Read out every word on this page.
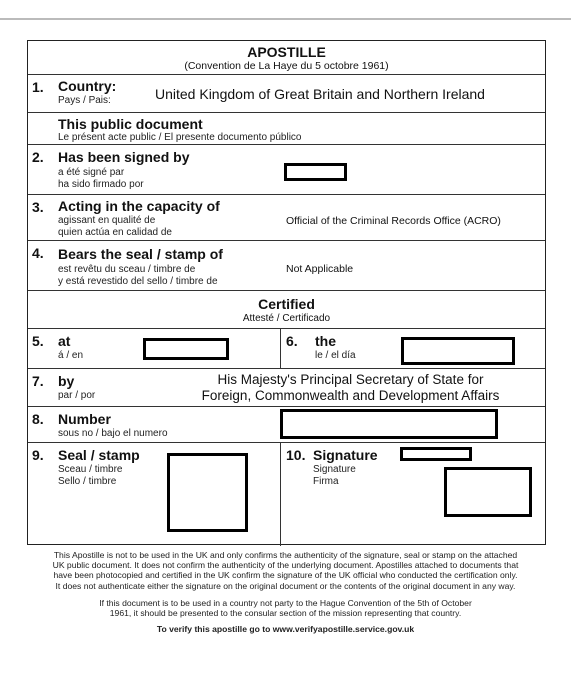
APOSTILLE
(Convention de La Haye du 5 octobre 1961)
1. Country:
Pays / Pais:	United Kingdom of Great Britain and Northern Ireland
This public document
Le présent acte public / El presente documento público
2. Has been signed by
a été signé par
ha sido firmado por
3. Acting in the capacity of
agissant en qualité de
quien actúa en calidad de
Official of the Criminal Records Office (ACRO)
4. Bears the seal / stamp of
est revêtu du sceau / timbre de
y está revestido del sello / timbre de
Not Applicable
Certified
Attesté / Certificado
5. at
á / en
6. the
le / el día
7. by
par / por
His Majesty's Principal Secretary of State for
Foreign, Commonwealth and Development Affairs
8. Number
sous no / bajo el numero
9. Seal / stamp
Sceau / timbre
Sello / timbre
10. Signature
Signature
Firma
This Apostille is not to be used in the UK and only confirms the authenticity of the signature, seal or stamp on the attached
UK public document. It does not confirm the authenticity of the underlying document. Apostilles attached to documents that
have been photocopied and certified in the UK confirm the signature of the UK official who conducted the certification only.
It does not authenticate either the signature on the original document or the contents of the original document in any way.
If this document is to be used in a country not party to the Hague Convention of the 5th of October
1961, it should be presented to the consular section of the mission representing that country.
To verify this apostille go to www.verifyapostille.service.gov.uk
